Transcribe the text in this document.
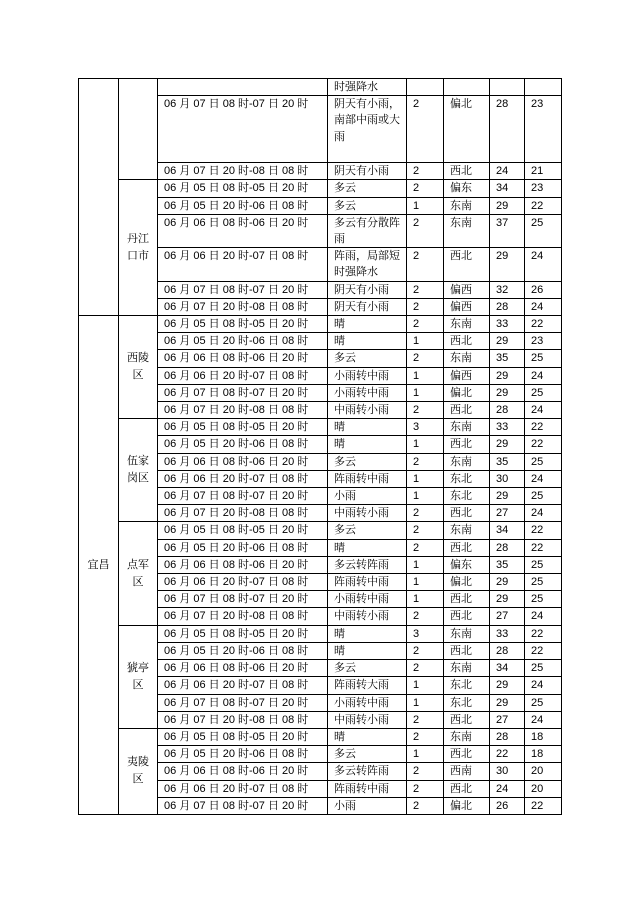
			时强降水				

		06 月 07 日 08 时-07 日 20 时	阴天有小雨，南部中雨或大雨	2	偏北	28	23

		06 月 07 日 20 时-08 日 08 时	阴天有小雨	2	西北	24	21

	丹江口市	06 月 05 日 08 时-05 日 20 时	多云	2	偏东	34	23

		06 月 05 日 20 时-06 日 08 时	多云	1	东南	29	22

		06 月 06 日 08 时-06 日 20 时	多云有分散阵雨	2	东南	37	25

		06 月 06 日 20 时-07 日 08 时	阵雨，局部短时强降水	2	西北	29	24

		06 月 07 日 08 时-07 日 20 时	阴天有小雨	2	偏西	32	26

		06 月 07 日 20 时-08 日 08 时	阴天有小雨	2	偏西	28	24

宜昌	西陵区	06 月 05 日 08 时-05 日 20 时	晴	2	东南	33	22

		06 月 05 日 20 时-06 日 08 时	晴	1	西北	29	23

		06 月 06 日 08 时-06 日 20 时	多云	2	东南	35	25

		06 月 06 日 20 时-07 日 08 时	小雨转中雨	1	偏西	29	24

		06 月 07 日 08 时-07 日 20 时	小雨转中雨	1	偏北	29	25

		06 月 07 日 20 时-08 日 08 时	中雨转小雨	2	西北	28	24

	伍家岗区	06 月 05 日 08 时-05 日 20 时	晴	3	东南	33	22

		06 月 05 日 20 时-06 日 08 时	晴	1	西北	29	22

		06 月 06 日 08 时-06 日 20 时	多云	2	东南	35	25

		06 月 06 日 20 时-07 日 08 时	阵雨转中雨	1	东北	30	24

		06 月 07 日 08 时-07 日 20 时	小雨	1	东北	29	25

		06 月 07 日 20 时-08 日 08 时	中雨转小雨	2	西北	27	24

	点军区	06 月 05 日 08 时-05 日 20 时	多云	2	东南	34	22

		06 月 05 日 20 时-06 日 08 时	晴	2	西北	28	22

		06 月 06 日 08 时-06 日 20 时	多云转阵雨	1	偏东	35	25

		06 月 06 日 20 时-07 日 08 时	阵雨转中雨	1	偏北	29	25

		06 月 07 日 08 时-07 日 20 时	小雨转中雨	1	西北	29	25

		06 月 07 日 20 时-08 日 08 时	中雨转小雨	2	西北	27	24

	猇亭区	06 月 05 日 08 时-05 日 20 时	晴	3	东南	33	22

		06 月 05 日 20 时-06 日 08 时	晴	2	西北	28	22

		06 月 06 日 08 时-06 日 20 时	多云	2	东南	34	25

		06 月 06 日 20 时-07 日 08 时	阵雨转大雨	1	东北	29	24

		06 月 07 日 08 时-07 日 20 时	小雨转中雨	1	东北	29	25

		06 月 07 日 20 时-08 日 08 时	中雨转小雨	2	西北	27	24

	夷陵区	06 月 05 日 08 时-05 日 20 时	晴	2	东南	28	18

		06 月 05 日 20 时-06 日 08 时	多云	1	西北	22	18

		06 月 06 日 08 时-06 日 20 时	多云转阵雨	2	西南	30	20

		06 月 06 日 20 时-07 日 08 时	阵雨转中雨	2	西北	24	20

		06 月 07 日 08 时-07 日 20 时	小雨	2	偏北	26	22
